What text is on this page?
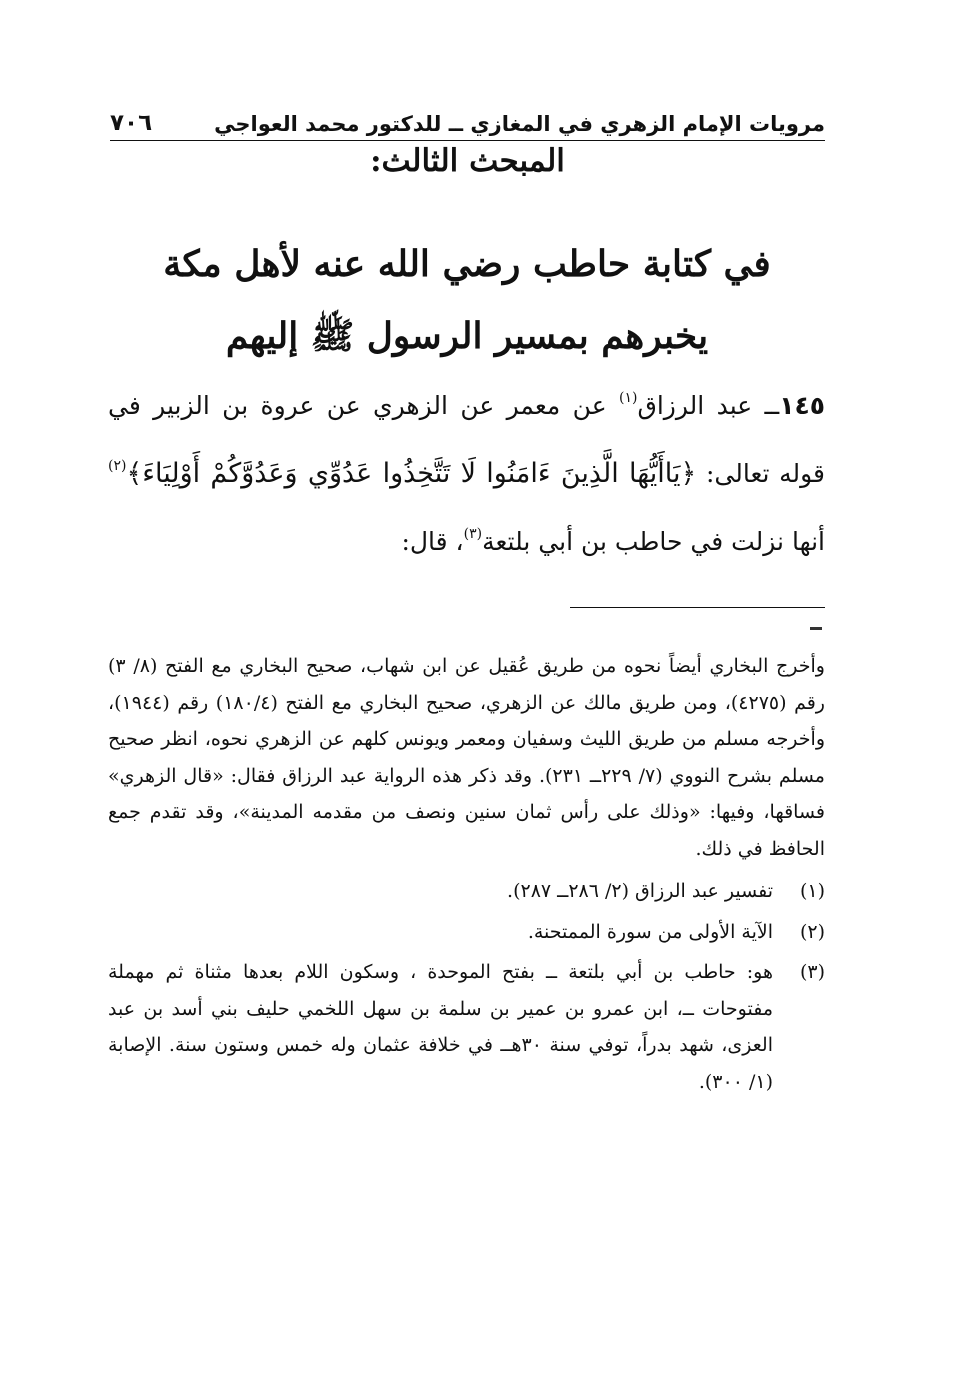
مرويات الإمام الزهري في المغازي ــ للدكتور محمد العواجي
٧٠٦
المبحث الثالث:
في كتابة حاطب رضي الله عنه لأهل مكة يخبرهم بمسير الرسول ﷺ إليهم
١٤٥ــ عبد الرزاق$^{(١)}$ عن معمر عن الزهري عن عروة بن الزبير في قوله تعالى: ﴿يَاأَيُّهَا الَّذِينَ ءَامَنُوا لَا تَتَّخِذُوا عَدُوِّي وَعَدُوَّكُمْ أَوْلِيَاءَ﴾$^{(٢)}$ أنها نزلت في حاطب بن أبي بلتعة$^{(٣)}$، قال:

وأخرج البخاري أيضاً نحوه من طريق عُقيل عن ابن شهاب، صحيح البخاري مع الفتح (٨/ ٣) رقم (٤٢٧٥)، ومن طريق مالك عن الزهري، صحيح البخاري مع الفتح (١٨٠/٤) رقم (١٩٤٤)، وأخرجه مسلم من طريق الليث وسفيان ومعمر ويونس كلهم عن الزهري نحوه، انظر صحيح مسلم بشرح النووي (٧/ ٢٢٩ــ ٢٣١). وقد ذكر هذه الرواية عبد الرزاق فقال: «قال الزهري» فساقها، وفيها: «وذلك على رأس ثمان سنين ونصف من مقدمه المدينة»، وقد تقدم جمع الحافظ في ذلك.

(١)
تفسير عبد الرزاق (٢/ ٢٨٦ــ ٢٨٧).
(٢)
الآية الأولى من سورة الممتحنة.
(٣)
هو: حاطب بن أبي بلتعة ــ بفتح الموحدة ، وسكون اللام بعدها مثناة ثم مهملة مفتوحات ــ، ابن عمرو بن عمير بن سلمة بن سهل اللخمي حليف بني أسد بن عبد العزى، شهد بدراً، توفي سنة ٣٠هــ في خلافة عثمان وله خمس وستون سنة. الإصابة (١/ ٣٠٠).
